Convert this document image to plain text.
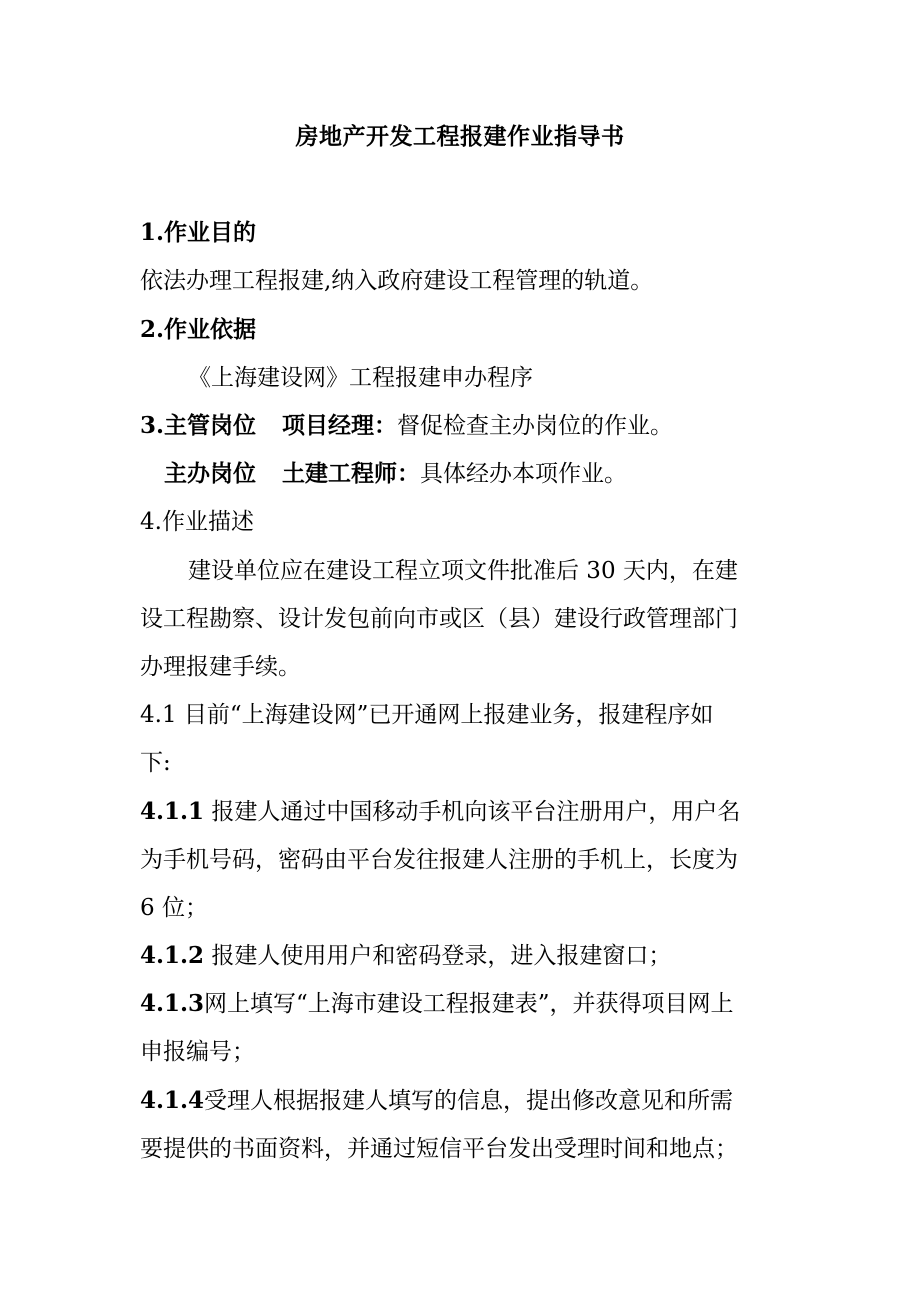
房地产开发工程报建作业指导书
1.作业目的
依法办理工程报建,纳入政府建设工程管理的轨道。
2.作业依据
《上海建设网》工程报建申办程序
3.主管岗位 项目经理：督促检查主办岗位的作业。
主办岗位 土建工程师：具体经办本项作业。
4.作业描述
建设单位应在建设工程立项文件批准后 30 天内，在建
设工程勘察、设计发包前向市或区（县）建设行政管理部门
办理报建手续。
4.1 目前“上海建设网”已开通网上报建业务，报建程序如
下:
4.1.1 报建人通过中国移动手机向该平台注册用户，用户名
为手机号码，密码由平台发往报建人注册的手机上，长度为
6 位；
4.1.2 报建人使用用户和密码登录，进入报建窗口；
4.1.3网上填写“上海市建设工程报建表”，并获得项目网上
申报编号；
4.1.4受理人根据报建人填写的信息，提出修改意见和所需
要提供的书面资料，并通过短信平台发出受理时间和地点；
